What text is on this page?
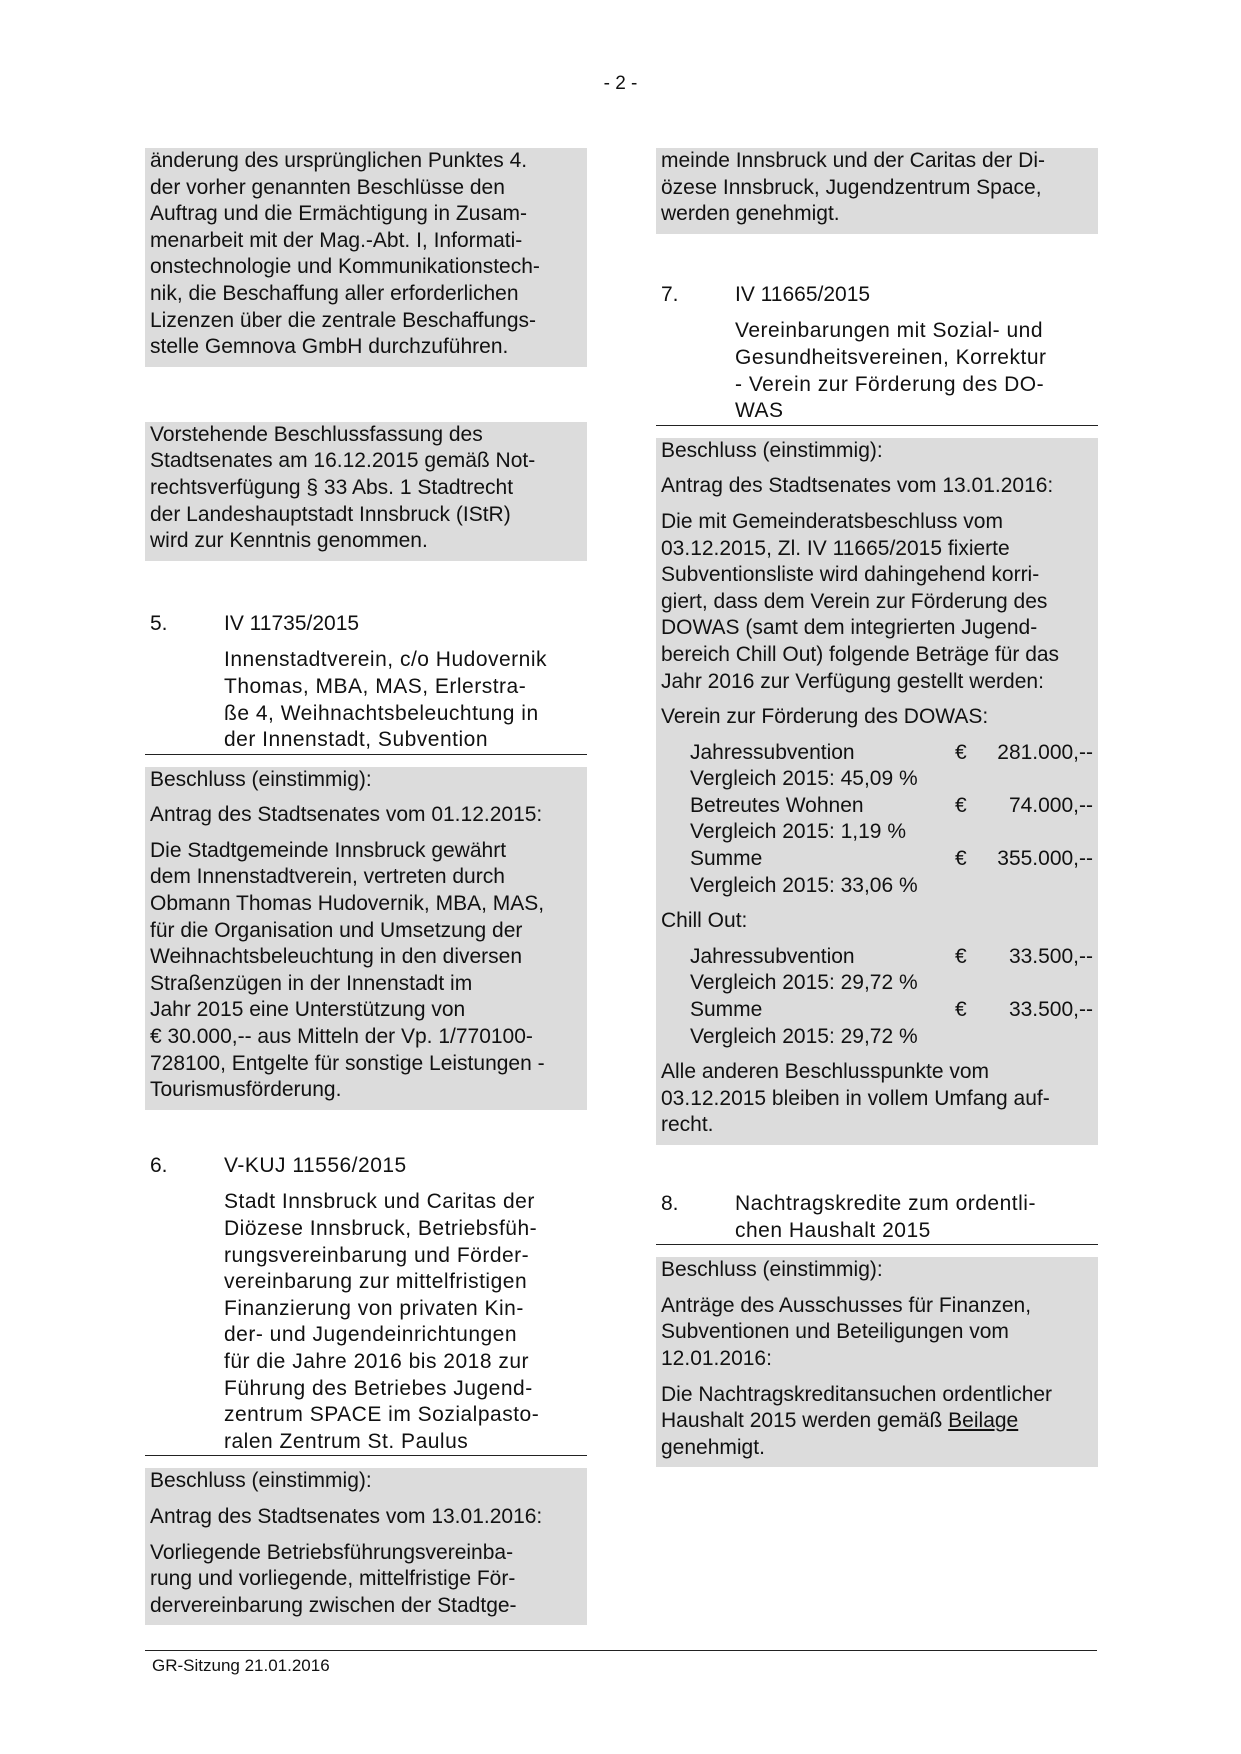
- 2 -

änderung des ursprünglichen Punktes 4.

der vorher genannten Beschlüsse den

Auftrag und die Ermächtigung in Zusam-

menarbeit mit der Mag.-Abt. I, Informati-

onstechnologie und Kommunikationstech-

nik, die Beschaffung aller erforderlichen

Lizenzen über die zentrale Beschaffungs-

stelle Gemnova GmbH durchzuführen.

Vorstehende Beschlussfassung des

Stadtsenates am 16.12.2015 gemäß Not-

rechtsverfügung § 33 Abs. 1 Stadtrecht

der Landeshauptstadt Innsbruck (IStR)

wird zur Kenntnis genommen.

5.	IV 11735/2015
Innenstadtverein, c/o Hudovernik
Thomas, MBA, MAS, Erlerstra-
ße 4, Weihnachtsbeleuchtung in
der Innenstadt, Subvention

Beschluss (einstimmig):

Antrag des Stadtsenates vom 01.12.2015:

Die Stadtgemeinde Innsbruck gewährt

dem Innenstadtverein, vertreten durch

Obmann Thomas Hudovernik, MBA, MAS,

für die Organisation und Umsetzung der

Weihnachtsbeleuchtung in den diversen

Straßenzügen in der Innenstadt im

Jahr 2015 eine Unterstützung von

€ 30.000,-- aus Mitteln der Vp. 1/770100-

728100, Entgelte für sonstige Leistungen -

Tourismusförderung.

6.	V-KUJ 11556/2015
Stadt Innsbruck und Caritas der
Diözese Innsbruck, Betriebsfüh-
rungsvereinbarung und Förder-
vereinbarung zur mittelfristigen
Finanzierung von privaten Kin-
der- und Jugendeinrichtungen
für die Jahre 2016 bis 2018 zur
Führung des Betriebes Jugend-
zentrum SPACE im Sozialpasto-
ralen Zentrum St. Paulus

Beschluss (einstimmig):

Antrag des Stadtsenates vom 13.01.2016:

Vorliegende Betriebsführungsvereinba-

rung und vorliegende, mittelfristige För-

dervereinbarung zwischen der Stadtge-

meinde Innsbruck und der Caritas der Di-

özese Innsbruck, Jugendzentrum Space,

werden genehmigt.

7.	IV 11665/2015
Vereinbarungen mit Sozial- und
Gesundheitsvereinen, Korrektur
- Verein zur Förderung des DO-
WAS

Beschluss (einstimmig):

Antrag des Stadtsenates vom 13.01.2016:

Die mit Gemeinderatsbeschluss vom

03.12.2015, Zl. IV 11665/2015 fixierte

Subventionsliste wird dahingehend korri-

giert, dass dem Verein zur Förderung des

DOWAS (samt dem integrierten Jugend-

bereich Chill Out) folgende Beträge für das

Jahr 2016 zur Verfügung gestellt werden:

Verein zur Förderung des DOWAS:

Jahressubvention	€	281.000,--
Vergleich 2015: 45,09 %
Betreutes Wohnen	€	74.000,--
Vergleich 2015: 1,19 %
Summe	€	355.000,--
Vergleich 2015: 33,06 %

Chill Out:

Jahressubvention	€	33.500,--
Vergleich 2015: 29,72 %
Summe	€	33.500,--
Vergleich 2015: 29,72 %

Alle anderen Beschlusspunkte vom

03.12.2015 bleiben in vollem Umfang auf-

recht.

8.	Nachtragskredite zum ordentli-
chen Haushalt 2015

Beschluss (einstimmig):

Anträge des Ausschusses für Finanzen,

Subventionen und Beteiligungen vom

12.01.2016:

Die Nachtragskreditansuchen ordentlicher

Haushalt 2015 werden gemäß Beilage

genehmigt.

GR-Sitzung 21.01.2016
